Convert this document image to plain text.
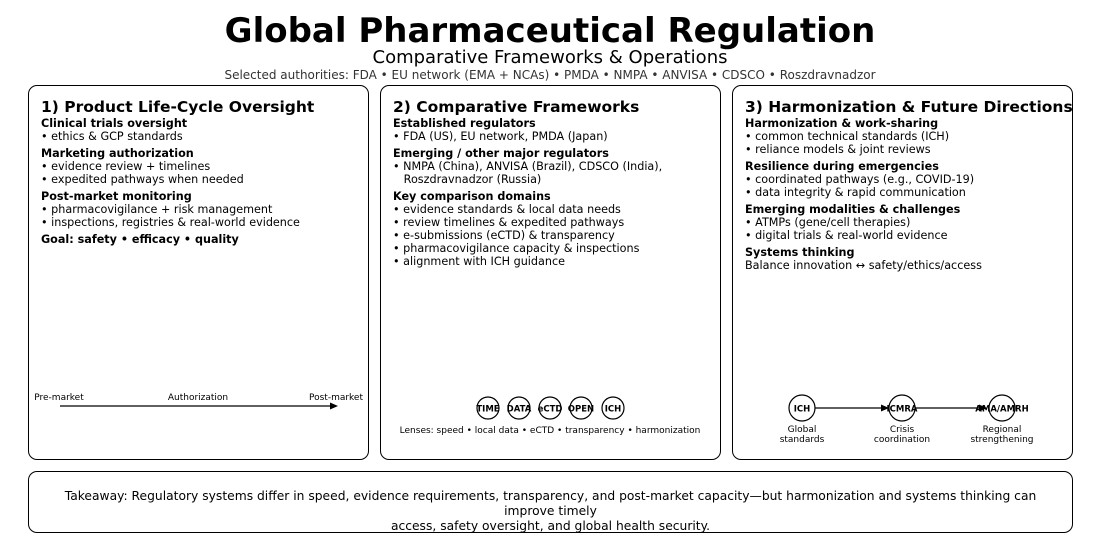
Global Pharmaceutical Regulation
Comparative Frameworks & Operations
Selected authorities: FDA • EU network (EMA + NCAs) • PMDA • NMPA • ANVISA • CDSCO • Roszdravnadzor
1) Product Life-Cycle Oversight
Clinical trials oversight
• ethics & GCP standards
Marketing authorization
• evidence review + timelines
• expedited pathways when needed
Post-market monitoring
• pharmacovigilance + risk management
• inspections, registries & real-world evidence
Goal: safety • efficacy • quality
Pre-market	Authorization	Post-market
2) Comparative Frameworks
Established regulators
• FDA (US), EU network, PMDA (Japan)
Emerging / other major regulators
• NMPA (China), ANVISA (Brazil), CDSCO (India),
Roszdravnadzor (Russia)
Key comparison domains
• evidence standards & local data needs
• review timelines & expedited pathways
• e-submissions (eCTD) & transparency
• pharmacovigilance capacity & inspections
• alignment with ICH guidance
TIME DATA eCTD OPEN ICH
Lenses: speed • local data • eCTD • transparency • harmonization
3) Harmonization & Future Directions
Harmonization & work-sharing
• common technical standards (ICH)
• reliance models & joint reviews
Resilience during emergencies
• coordinated pathways (e.g., COVID-19)
• data integrity & rapid communication
Emerging modalities & challenges
• ATMPs (gene/cell therapies)
• digital trials & real-world evidence
Systems thinking
Balance innovation ↔ safety/ethics/access
ICH
Global
standards
ICMRA
Crisis
coordination
AMA/AMRH
Regional
strengthening
Takeaway: Regulatory systems differ in speed, evidence requirements, transparency, and post-market capacity—but harmonization and systems thinking can improve timely
access, safety oversight, and global health security.
